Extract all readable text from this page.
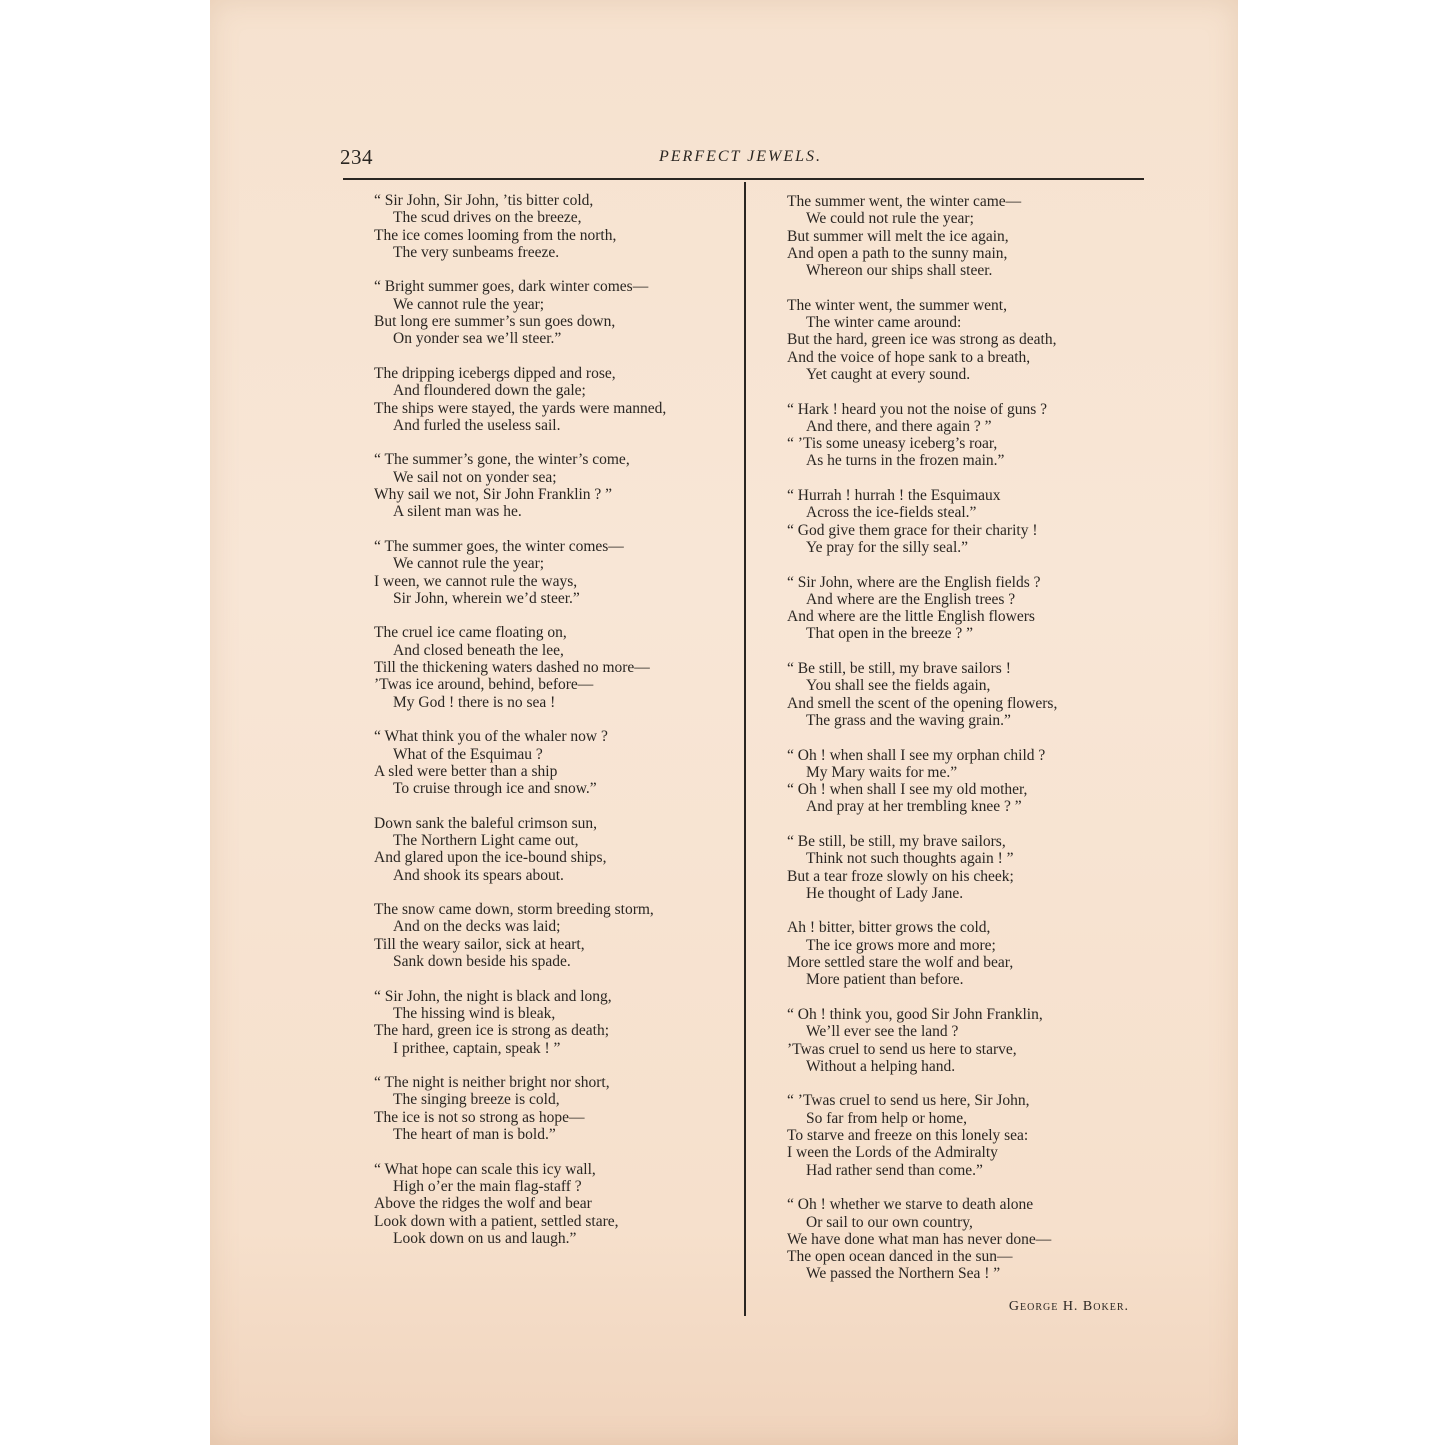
234	PERFECT JEWELS.
“ Sir John, Sir John, ’tis bitter cold,
The scud drives on the breeze,
The ice comes looming from the north,
The very sunbeams freeze.
“ Bright summer goes, dark winter comes—
We cannot rule the year;
But long ere summer’s sun goes down,
On yonder sea we’ll steer.”
The dripping icebergs dipped and rose,
And floundered down the gale;
The ships were stayed, the yards were manned,
And furled the useless sail.
“ The summer’s gone, the winter’s come,
We sail not on yonder sea;
Why sail we not, Sir John Franklin ? ”
A silent man was he.
“ The summer goes, the winter comes—
We cannot rule the year;
I ween, we cannot rule the ways,
Sir John, wherein we’d steer.”
The cruel ice came floating on,
And closed beneath the lee,
Till the thickening waters dashed no more—
’Twas ice around, behind, before—
My God ! there is no sea !
“ What think you of the whaler now ?
What of the Esquimau ?
A sled were better than a ship
To cruise through ice and snow.”
Down sank the baleful crimson sun,
The Northern Light came out,
And glared upon the ice-bound ships,
And shook its spears about.
The snow came down, storm breeding storm,
And on the decks was laid;
Till the weary sailor, sick at heart,
Sank down beside his spade.
“ Sir John, the night is black and long,
The hissing wind is bleak,
The hard, green ice is strong as death;
I prithee, captain, speak ! ”
“ The night is neither bright nor short,
The singing breeze is cold,
The ice is not so strong as hope—
The heart of man is bold.”
“ What hope can scale this icy wall,
High o’er the main flag-staff ?
Above the ridges the wolf and bear
Look down with a patient, settled stare,
Look down on us and laugh.”
The summer went, the winter came—
We could not rule the year;
But summer will melt the ice again,
And open a path to the sunny main,
Whereon our ships shall steer.
The winter went, the summer went,
The winter came around:
But the hard, green ice was strong as death,
And the voice of hope sank to a breath,
Yet caught at every sound.
“ Hark ! heard you not the noise of guns ?
And there, and there again ? ”
“ ’Tis some uneasy iceberg’s roar,
As he turns in the frozen main.”
“ Hurrah ! hurrah ! the Esquimaux
Across the ice-fields steal.”
“ God give them grace for their charity !
Ye pray for the silly seal.”
“ Sir John, where are the English fields ?
And where are the English trees ?
And where are the little English flowers
That open in the breeze ? ”
“ Be still, be still, my brave sailors !
You shall see the fields again,
And smell the scent of the opening flowers,
The grass and the waving grain.”
“ Oh ! when shall I see my orphan child ?
My Mary waits for me.”
“ Oh ! when shall I see my old mother,
And pray at her trembling knee ? ”
“ Be still, be still, my brave sailors,
Think not such thoughts again ! ”
But a tear froze slowly on his cheek;
He thought of Lady Jane.
Ah ! bitter, bitter grows the cold,
The ice grows more and more;
More settled stare the wolf and bear,
More patient than before.
“ Oh ! think you, good Sir John Franklin,
We’ll ever see the land ?
’Twas cruel to send us here to starve,
Without a helping hand.
“ ’Twas cruel to send us here, Sir John,
So far from help or home,
To starve and freeze on this lonely sea:
I ween the Lords of the Admiralty
Had rather send than come.”
“ Oh ! whether we starve to death alone
Or sail to our own country,
We have done what man has never done—
The open ocean danced in the sun—
We passed the Northern Sea ! ”
George H. Boker.
